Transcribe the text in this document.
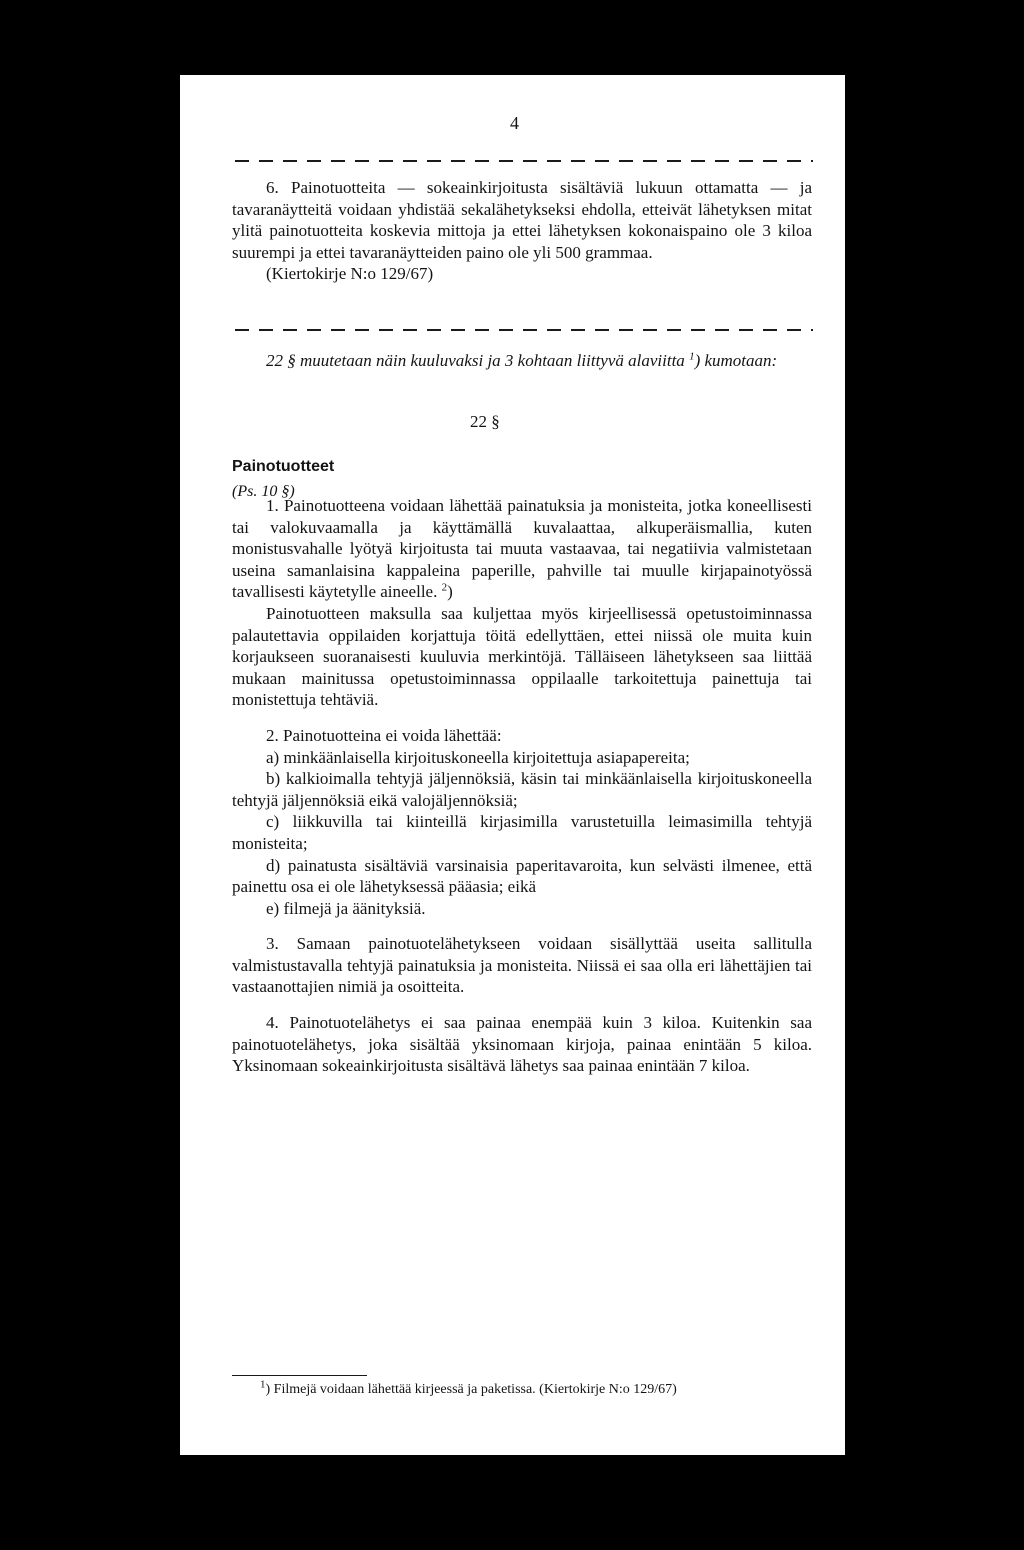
4

6. Painotuotteita — sokeainkirjoitusta sisältäviä lukuun ottamatta — ja tavaranäytteitä voidaan yhdistää sekalähetykseksi ehdolla, etteivät lähetyksen mitat ylitä painotuotteita koskevia mittoja ja ettei lähetyksen kokonaispaino ole 3 kiloa suurempi ja ettei tavaranäytteiden paino ole yli 500 grammaa.

(Kiertokirje N:o 129/67)

22 § muutetaan näin kuuluvaksi ja 3 kohtaan liittyvä alaviitta $^1$) kumotaan:
22 §
Painotuotteet
(Ps. 10 §)

1. Painotuotteena voidaan lähettää painatuksia ja monisteita, jotka koneellisesti tai valokuvaamalla ja käyttämällä kuvalaattaa, alkuperäismallia, kuten monistusvahalle lyötyä kirjoitusta tai muuta vastaavaa, tai negatiivia valmistetaan useina samanlaisina kappaleina paperille, pahville tai muulle kirjapainotyössä tavallisesti käytetylle aineelle. $^2$)

Painotuotteen maksulla saa kuljettaa myös kirjeellisessä opetustoiminnassa palautettavia oppilaiden korjattuja töitä edellyttäen, ettei niissä ole muita kuin korjaukseen suoranaisesti kuuluvia merkintöjä. Tälläiseen lähetykseen saa liittää mukaan mainitussa opetustoiminnassa oppilaalle tarkoitettuja painettuja tai monistettuja tehtäviä.

2. Painotuotteina ei voida lähettää:

a) minkäänlaisella kirjoituskoneella kirjoitettuja asiapapereita;

b) kalkioimalla tehtyjä jäljennöksiä, käsin tai minkäänlaisella kirjoituskoneella tehtyjä jäljennöksiä eikä valojäljennöksiä;

c) liikkuvilla tai kiinteillä kirjasimilla varustetuilla leimasimilla tehtyjä monisteita;

d) painatusta sisältäviä varsinaisia paperitavaroita, kun selvästi ilmenee, että painettu osa ei ole lähetyksessä pääasia; eikä

e) filmejä ja äänityksiä.

3. Samaan painotuotelähetykseen voidaan sisällyttää useita sallitulla valmistustavalla tehtyjä painatuksia ja monisteita. Niissä ei saa olla eri lähettäjien tai vastaanottajien nimiä ja osoitteita.

4. Painotuotelähetys ei saa painaa enempää kuin 3 kiloa. Kuitenkin saa painotuotelähetys, joka sisältää yksinomaan kirjoja, painaa enintään 5 kiloa. Yksinomaan sokeainkirjoitusta sisältävä lähetys saa painaa enintään 7 kiloa.

$^1$) Filmejä voidaan lähettää kirjeessä ja paketissa. (Kiertokirje N:o 129/67)
